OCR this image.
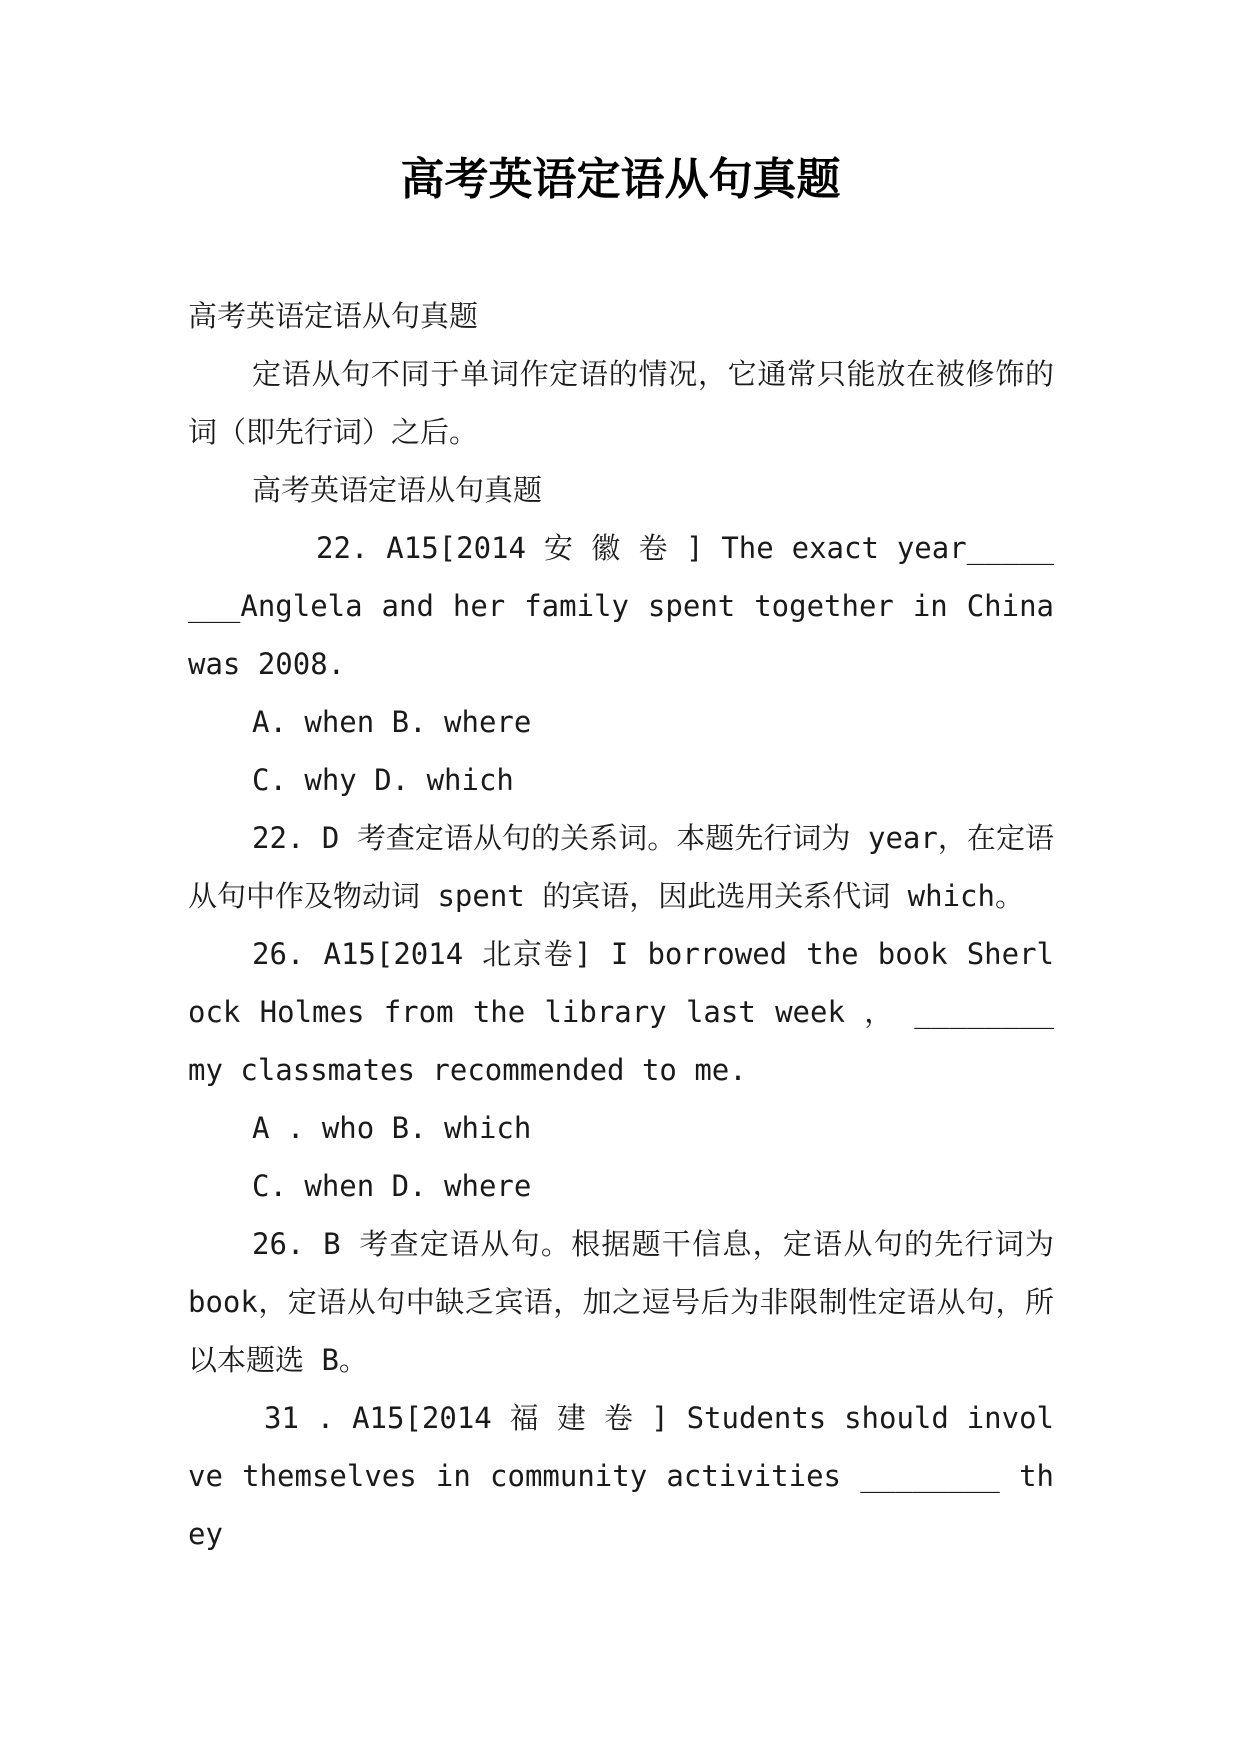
高考英语定语从句真题

高考英语定语从句真题

定语从句不同于单词作定语的情况，它通常只能放在被修饰的词（即先行词）之后。

高考英语定语从句真题

22. A15[2014 安 徽 卷 ] The exact year________Anglela and her family spent together in China was 2008.

A. when B. where

C. why D. which

22. D 考查定语从句的关系词。本题先行词为 year，在定语从句中作及物动词 spent 的宾语，因此选用关系代词 which。

26. A15[2014 北京卷] I borrowed the book Sherlock Holmes from the library last week ， ________my classmates recommended to me.

A . who B. which

C. when D. where

26. B 考查定语从句。根据题干信息，定语从句的先行词为 book，定语从句中缺乏宾语，加之逗号后为非限制性定语从句，所以本题选 B。

31 . A15[2014 福 建 卷 ] Students should involve themselves in community activities ________ they
